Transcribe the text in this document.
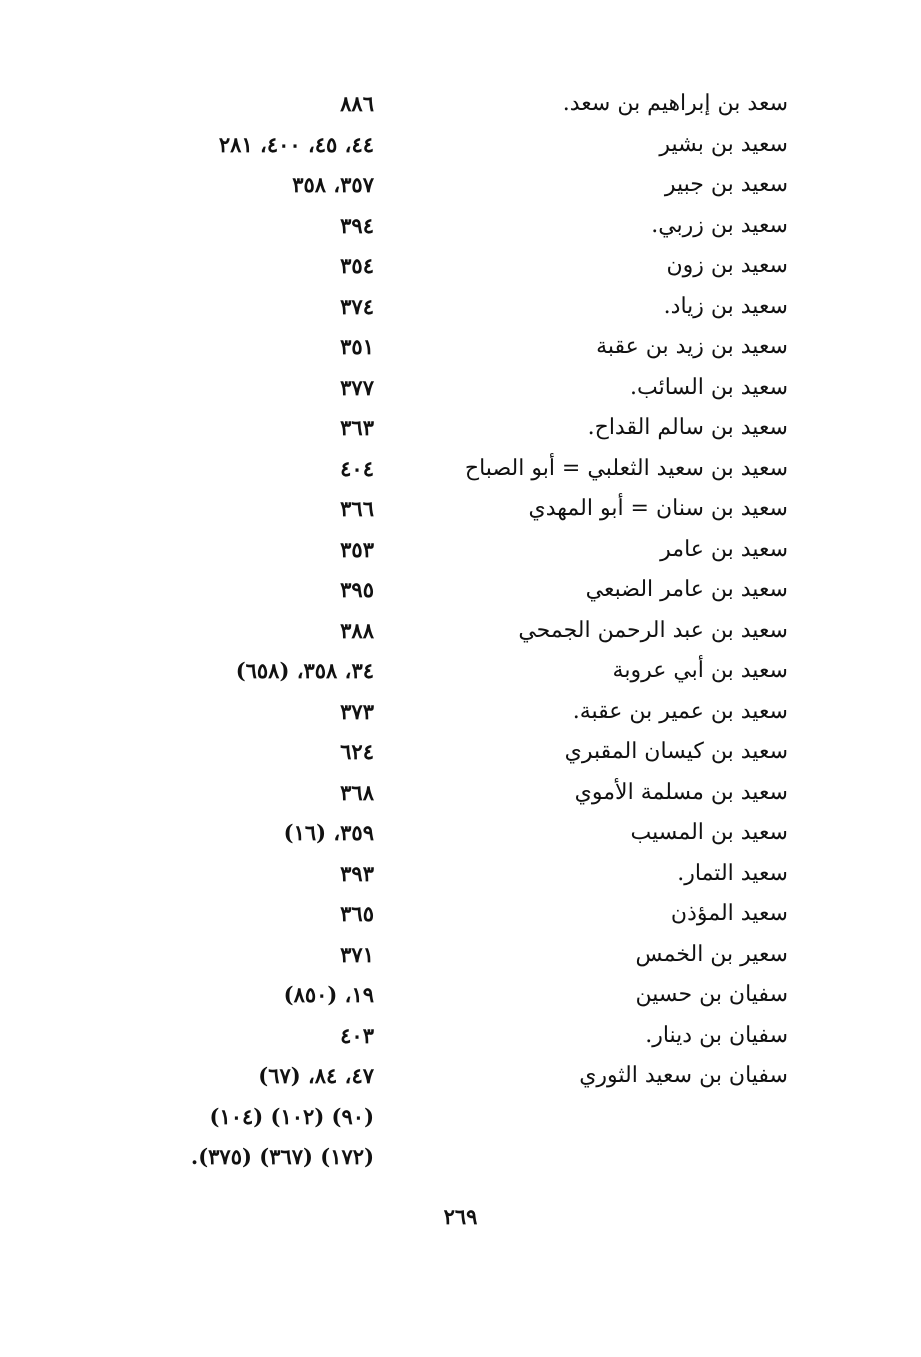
سعد بن إبراهيم بن سعد.
٨٨٦
سعيد بن بشير
٤٤، ٤٥، ٤٠٠، ٢٨١
سعيد بن جبير
٣٥٧، ٣٥٨
سعيد بن زربي.
٣٩٤
سعيد بن زون
٣٥٤
سعيد بن زياد.
٣٧٤
سعيد بن زيد بن عقبة
٣٥١
سعيد بن السائب.
٣٧٧
سعيد بن سالم القداح.
٣٦٣
سعيد بن سعيد الثعلبي = أبو الصباح
٤٠٤
سعيد بن سنان = أبو المهدي
٣٦٦
سعيد بن عامر
٣٥٣
سعيد بن عامر الضبعي
٣٩٥
سعيد بن عبد الرحمن الجمحي
٣٨٨
سعيد بن أبي عروبة
٣٤، ٣٥٨، (٦٥٨)
سعيد بن عمير بن عقبة.
٣٧٣
سعيد بن كيسان المقبري
٦٢٤
سعيد بن مسلمة الأموي
٣٦٨
سعيد بن المسيب
٣٥٩، (١٦)
سعيد التمار.
٣٩٣
سعيد المؤذن
٣٦٥
سعير بن الخمس
٣٧١
سفيان بن حسين
١٩، (٨٥٠)
سفيان بن دينار.
٤٠٣
سفيان بن سعيد الثوري
٤٧، ٨٤، (٦٧)
(٩٠) (١٠٢) (١٠٤)
(١٧٢) (٣٦٧) (٣٧٥).
٢٦٩
